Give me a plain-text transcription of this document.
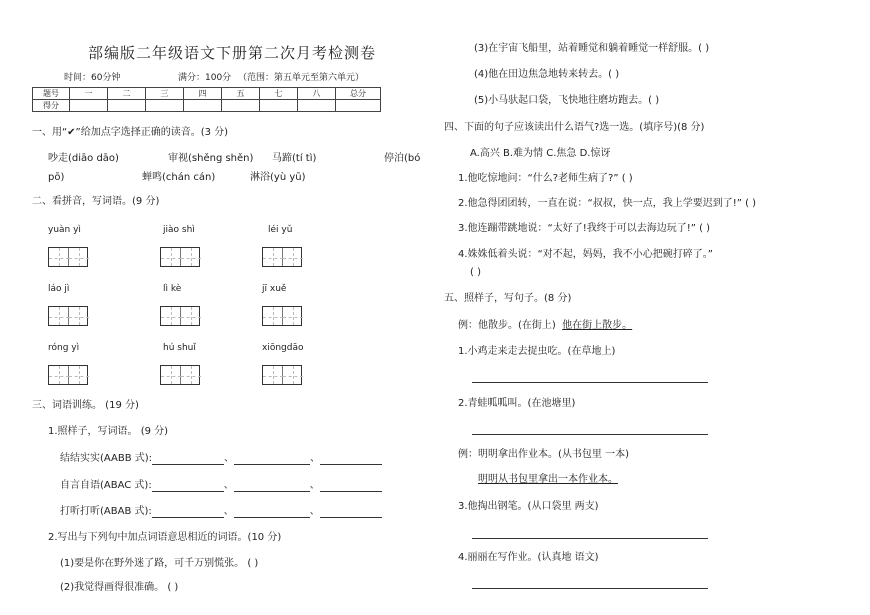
部编版二年级语文下册第二次月考检测卷
时间：60分钟	满分：100分 （范围：第五单元至第六单元）
题号	一	二	三	四	五	七	八	总分
得分								
一、用“✔”给加点字选择正确的读音。(3 分)
吵走(diāo dāo)	审视(shěng shěn) 马蹄(tí tì)	停泊(bó
pō)	蝉鸣(chán cán)	淋浴(yù yū)
二、看拼音，写词语。(9 分)
yuàn yì	jiào shì	léi yǔ
láo jì	lì kè	jī xuě
róng yì	hú shuǐ	xiōngdāo
三、词语训练。 (19 分)
1.照样子，写词语。 (9 分)
结结实实(AABB 式):	、	、
自言自语(ABAC 式):	、	、
打听打听(ABAB 式):	、	、
2.写出与下列句中加点词语意思相近的词语。(10 分)
(1)要是你在野外迷了路，可千万别慌张。 ( )
(2)我觉得画得很准确。 ( )
(3)在宇宙飞船里，站着睡觉和躺着睡觉一样舒服。( )
(4)他在田边焦急地转来转去。( )
(5)小马驮起口袋，飞快地往磨坊跑去。( )
四、下面的句子应该读出什么语气?选一选。(填序号)(8 分)
A.高兴 B.难为情 C.焦急 D.惊讶
1.他吃惊地问：“什么?老师生病了?” ( )
2.他急得团团转，一直在说：“叔叔，快一点，我上学要迟到了!” ( )
3.他连蹦带跳地说：“太好了!我终于可以去海边玩了!” ( )
4.姝姝低着头说：“对不起，妈妈，我不小心把碗打碎了。”
( )
五、照样子，写句子。(8 分)
例：他散步。(在街上) 他在街上散步。
1.小鸡走来走去捉虫吃。(在草地上)
2.青蛙呱呱叫。(在池塘里)
例：明明拿出作业本。(从书包里 一本)
明明从书包里拿出一本作业本。
3.他掏出钢笔。(从口袋里 两支)
4.丽丽在写作业。(认真地 语文)
